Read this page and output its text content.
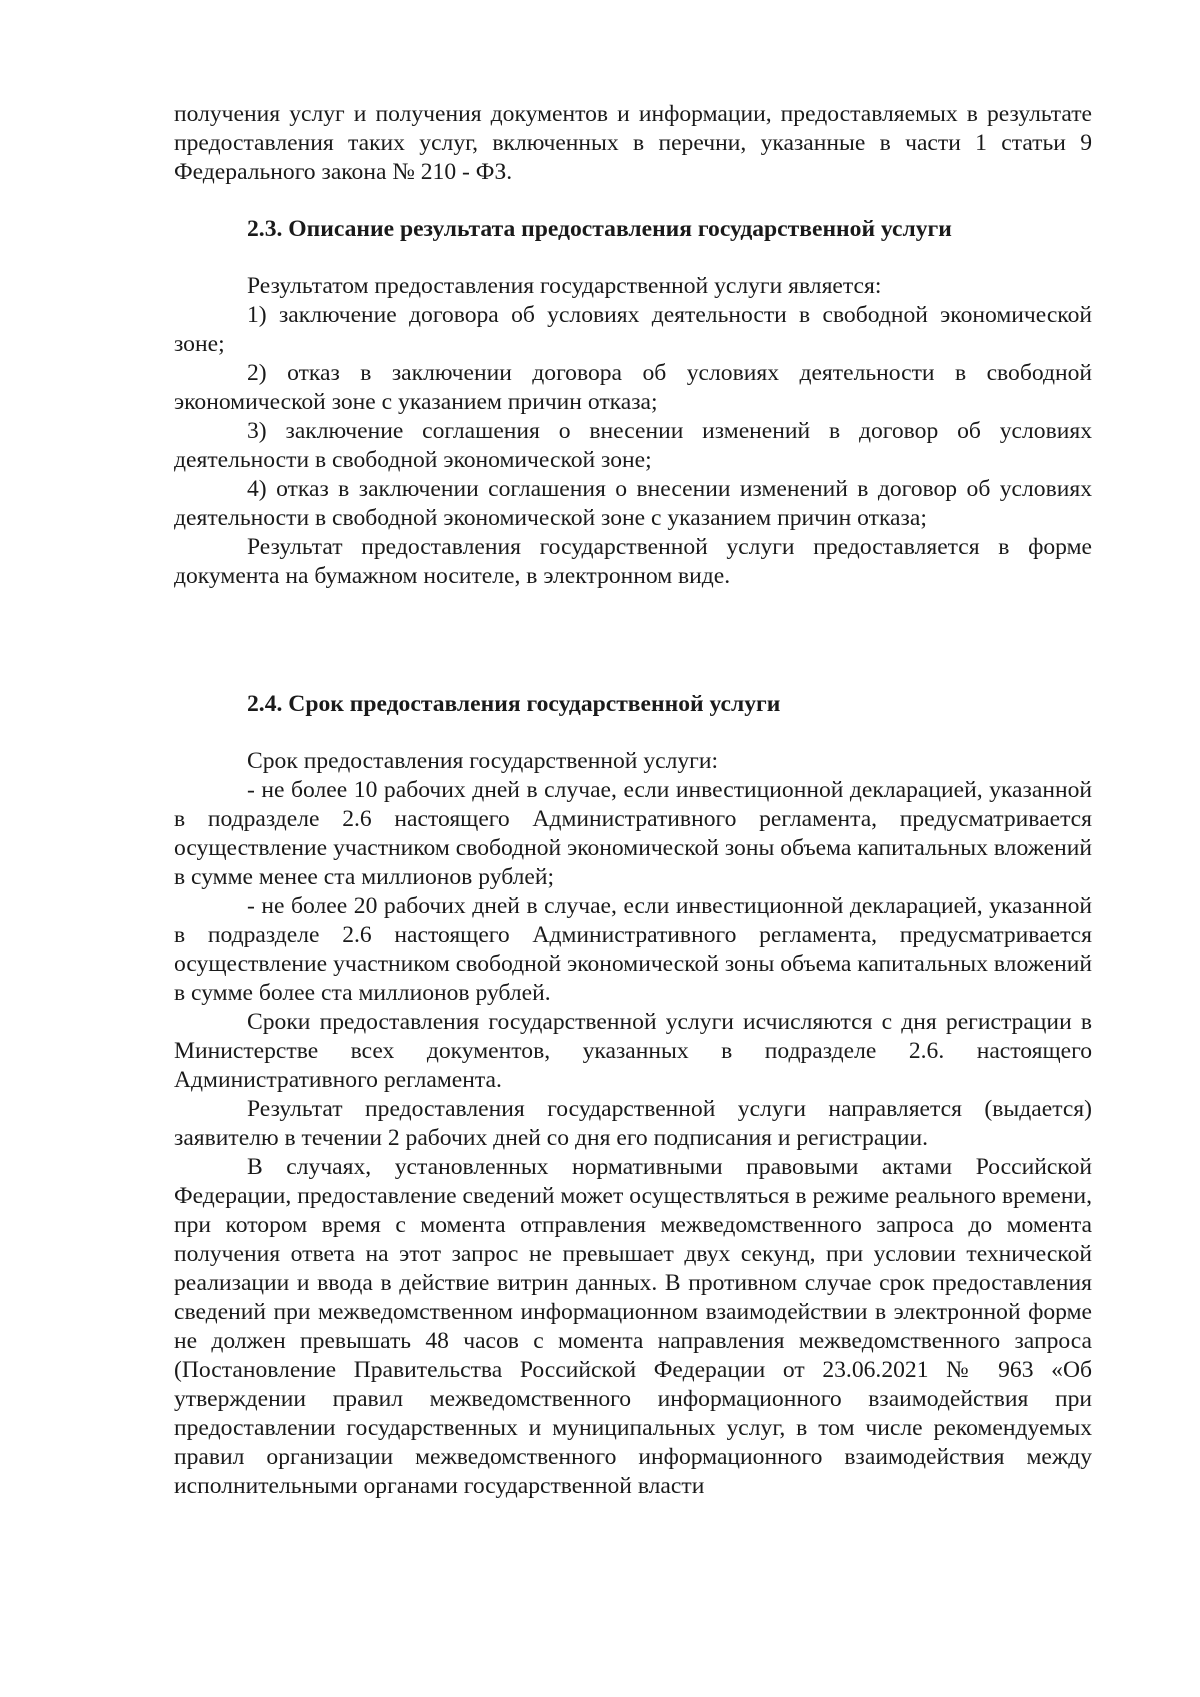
получения услуг и получения документов и информации, предоставляемых в результате предоставления таких услуг, включенных в перечни, указанные в части 1 статьи 9 Федерального закона № 210 - ФЗ.

2.3. Описание результата предоставления государственной услуги

Результатом предоставления государственной услуги является:

1) заключение договора об условиях деятельности в свободной экономической зоне;

2) отказ в заключении договора об условиях деятельности в свободной экономической зоне с указанием причин отказа;

3) заключение соглашения о внесении изменений в договор об условиях деятельности в свободной экономической зоне;

4) отказ в заключении соглашения о внесении изменений в договор об условиях деятельности в свободной экономической зоне с указанием причин отказа;

Результат предоставления государственной услуги предоставляется в форме документа на бумажном носителе, в электронном виде.

2.4. Срок предоставления государственной услуги

Срок предоставления государственной услуги:

- не более 10 рабочих дней в случае, если инвестиционной декларацией, указанной в подразделе 2.6 настоящего Административного регламента, предусматривается осуществление участником свободной экономической зоны объема капитальных вложений в сумме менее ста миллионов рублей;

- не более 20 рабочих дней в случае, если инвестиционной декларацией, указанной в подразделе 2.6 настоящего Административного регламента, предусматривается осуществление участником свободной экономической зоны объема капитальных вложений в сумме более ста миллионов рублей.

Сроки предоставления государственной услуги исчисляются с дня регистрации в Министерстве всех документов, указанных в подразделе 2.6. настоящего Административного регламента.

Результат предоставления государственной услуги направляется (выдается) заявителю в течении 2 рабочих дней со дня его подписания и регистрации.

В случаях, установленных нормативными правовыми актами Российской Федерации, предоставление сведений может осуществляться в режиме реального времени, при котором время с момента отправления межведомственного запроса до момента получения ответа на этот запрос не превышает двух секунд, при условии технической реализации и ввода в действие витрин данных. В противном случае срок предоставления сведений при межведомственном информационном взаимодействии в электронной форме не должен превышать 48 часов с момента направления межведомственного запроса (Постановление Правительства Российской Федерации от 23.06.2021 № 963 «Об утверждении правил межведомственного информационного взаимодействия при предоставлении государственных и муниципальных услуг, в том числе рекомендуемых правил организации межведомственного информационного взаимодействия между исполнительными органами государственной власти
